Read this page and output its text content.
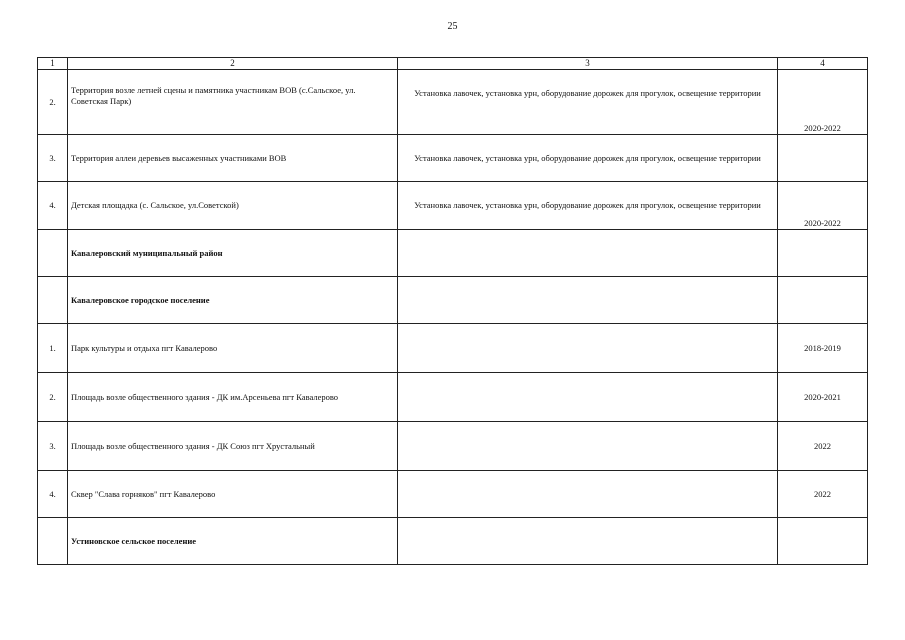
25
1	2	3	4
2.	Территория возле летней сцены и памятника участникам ВОВ (с.Сальское, ул. Советская Парк)	Установка лавочек, установка урн, оборудование дорожек для прогулок, освещение территории	2020-2022
3.	Территория аллеи деревьев высаженных участниками ВОВ	Установка лавочек, установка урн, оборудование дорожек для прогулок, освещение территории	
4.	Детская площадка (с. Сальское, ул.Советской)	Установка лавочек, установка урн, оборудование дорожек для прогулок, освещение территории	2020-2022
	Кавалеровский муниципальный район		
	Кавалеровское городское поселение		
1.	Парк культуры и отдыха пгт Кавалерово		2018-2019
2.	Площадь возле общественного здания - ДК им.Арсеньева пгт Кавалерово		2020-2021
3.	Площадь возле общественного здания - ДК Союз пгт Хрустальный		2022
4.	Сквер "Слава горняков" пгт Кавалерово		2022
	Устиновское сельское поселение		
